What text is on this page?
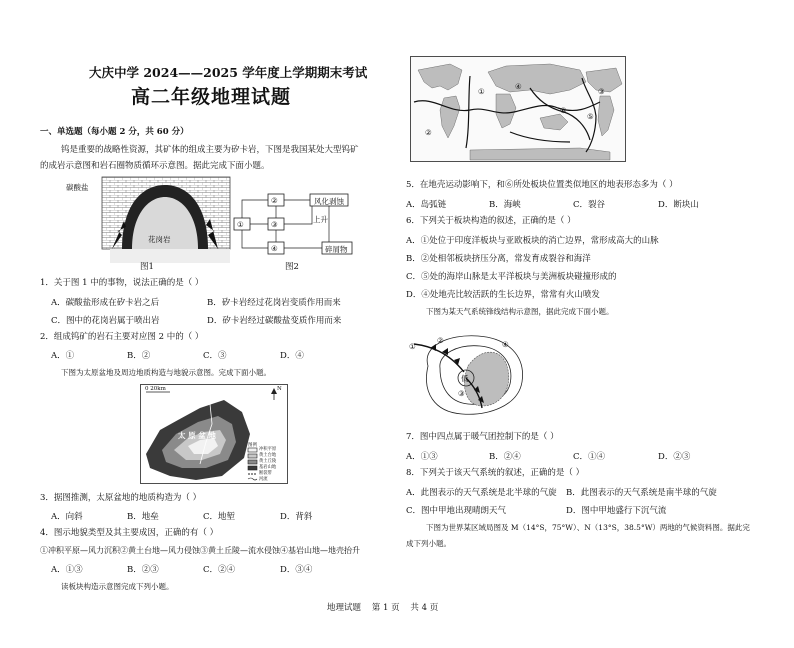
大庆中学 2024——2025 学年度上学期期末考试
高二年级地理试题
一、单选题（每小题 2 分，共 60 分）
钨是重要的战略性资源，其矿体的组成主要为矽卡岩，下图是我国某处大型钨矿
的成岩示意图和岩石圈物质循环示意图。据此完成下面小题。
碳酸盐
花岗岩
图1
①
②
③
④
风化剥蚀
碎屑物
上升
图2
1．关于图 1 中的事物，说法正确的是（ ）
A．碳酸盐形成在矽卡岩之后	B．矽卡岩经过花岗岩变质作用而来
C．图中的花岗岩属于喷出岩	D．矽卡岩经过碳酸盐变质作用而来
2．组成钨矿的岩石主要对应图 2 中的（ ）
A．①	B．②	C．③	D．④
下图为太原盆地及周边地质构造与地貌示意图。完成下面小题。
0 20km	N
太 原 盆 地
图例
冲积平原
黄土台地
黄土丘陵
基岩山地
断裂带
河流
3．据图推测，太原盆地的地质构造为（ ）
A．向斜	B．地垒	C．地堑	D．背斜
4．图示地貌类型及其主要成因，正确的有（ ）
①冲积平原—风力沉积②黄土台地—风力侵蚀③黄土丘陵—流水侵蚀④基岩山地—地壳抬升
A．①③	B．②③	C．②④	D．③④
读板块构造示意图完成下列小题。
①
②
③
④
⑤
⑥
5．在地壳运动影响下，和⑥所处板块位置类似地区的地表形态多为（ ）
A．岛弧链	B．海峡	C．裂谷	D．断块山
6．下列关于板块构造的叙述，正确的是（ ）
A．①处位于印度洋板块与亚欧板块的消亡边界，常形成高大的山脉
B．②处相邻板块挤压分离，常发育成裂谷和海洋
C．⑤处的海岸山脉是太平洋板块与美洲板块碰撞形成的
D．④处地壳比较活跃的生长边界，常常有火山喷发
下图为某天气系统锋线结构示意图，据此完成下面小题。
①
②
③
④
低
7．图中四点属于暖气团控制下的是（ ）
A．①③	B．②④	C．①④	D．②③
8．下列关于该天气系统的叙述，正确的是（ ）
A．此图表示的天气系统是北半球的气旋 B．此图表示的天气系统是南半球的气旋
C．图中甲地出现晴朗天气	D．图中甲地盛行下沉气流
下图为世界某区域局图及 M（14°S，75°W）、N（13°S，38.5°W）两地的气候资料图。据此完
成下列小题。
地理试题    第 1 页    共 4 页
